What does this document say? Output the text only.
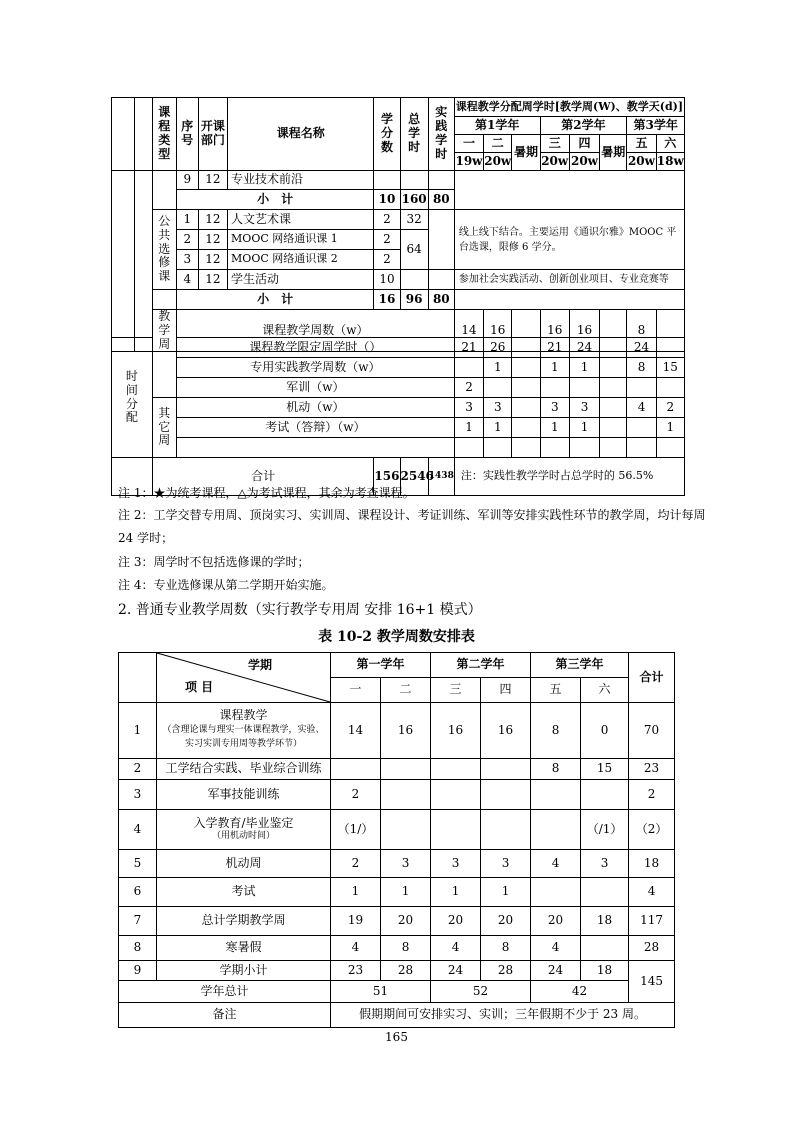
		课
程
类
型	序
号	开课
部门	课程名称	学
分
数	总
学
时	实
践
学
时	课程教学分配周学时[教学周(W)、教学天(d)]							
									第1学年			第2学年			第3学年	
									一	二	暑期	三	四	暑期	五	六
									19w	20w		20w	20w		20w	18w
			9	12	专业技术前沿											
			小　计			10	160	80								
		公
共
选
修
课	1	12	人文艺术课	2	32		线上线下结合。主要运用《通识尔雅》MOOC 平台选课，限修 6 学分。							
			2	12	MOOC 网络通识课 1	2	64									
			3	12	MOOC 网络通识课 2	2										
			4	12	学生活动	10			参加社会实践活动、创新创业项目、专业竞赛等							
			小　计			16	96	80								
		教
学
周	课程教学周数（w）						14	16		16	16		8	
时
间
分
配		课程教学限定周学时（）				21	26		21	24		24	
		专用实践教学周数（w）					1		1	1		8	15
		军训（w）				2							
	其
它
周	机动（w）				3	3		3	3		4	2
		考试（答辩）（w）				1	1		1	1			1

	合计		156	2546	1438	注：实践性教学学时占总学时的 56.5%							
注 1：★为统考课程，△为考试课程，其余为考查课程。
注 2：工学交替专用周、顶岗实习、实训周、课程设计、考证训练、军训等安排实践性环节的教学周，均计每周
24 学时；
注 3：周学时不包括选修课的学时；
注 4：专业选修课从第二学期开始实施。
2. 普通专业教学周数（实行教学专用周 安排 16+1 模式）
表 10-2 教学周数安排表

	学期
项 目	第一学年		第二学年		第三学年		合计
		一	二	三	四	五	六	
1	课程教学
（含理论课与理实一体课程教学，实验、实习实训专用周等教学环节）	14	16	16	16	8	0	70
2	工学结合实践、毕业综合训练					8	15	23
3	军事技能训练	2						2
4	入学教育/毕业鉴定
（用机动时间）	（1/）					（/1）	（2）
5	机动周	2	3	3	3	4	3	18
6	考试	1	1	1	1			4
7	总计学期教学周	19	20	20	20	20	18	117
8	寒暑假	4	8	4	8	4		28
9	学期小计	23	28	24	28	24	18	145
学年总计		51		52		42		
备注		假期期间可安排实习、实训；三年假期不少于 23 周。						
165
